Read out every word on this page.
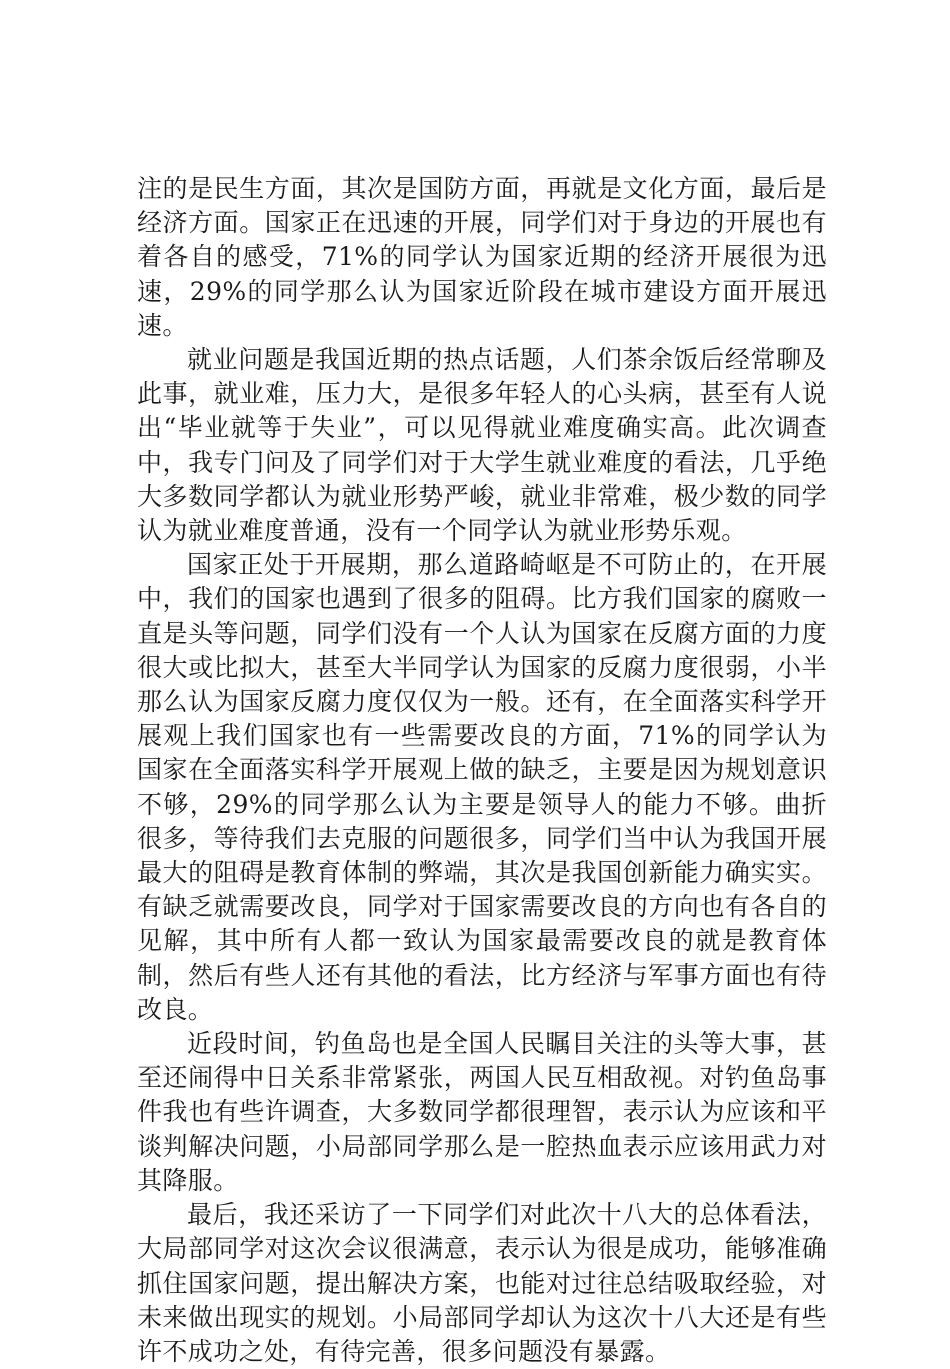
注的是民生方面，其次是国防方面，再就是文化方面，最后是经济方面。国家正在迅速的开展，同学们对于身边的开展也有着各自的感受，71%的同学认为国家近期的经济开展很为迅速，29%的同学那么认为国家近阶段在城市建设方面开展迅速。

就业问题是我国近期的热点话题，人们茶余饭后经常聊及此事，就业难，压力大，是很多年轻人的心头病，甚至有人说出“毕业就等于失业”，可以见得就业难度确实高。此次调查中，我专门问及了同学们对于大学生就业难度的看法，几乎绝大多数同学都认为就业形势严峻，就业非常难，极少数的同学认为就业难度普通，没有一个同学认为就业形势乐观。

国家正处于开展期，那么道路崎岖是不可防止的，在开展中，我们的国家也遇到了很多的阻碍。比方我们国家的腐败一直是头等问题，同学们没有一个人认为国家在反腐方面的力度很大或比拟大，甚至大半同学认为国家的反腐力度很弱，小半那么认为国家反腐力度仅仅为一般。还有，在全面落实科学开展观上我们国家也有一些需要改良的方面，71%的同学认为国家在全面落实科学开展观上做的缺乏，主要是因为规划意识不够，29%的同学那么认为主要是领导人的能力不够。曲折很多，等待我们去克服的问题很多，同学们当中认为我国开展最大的阻碍是教育体制的弊端，其次是我国创新能力确实实。有缺乏就需要改良，同学对于国家需要改良的方向也有各自的见解，其中所有人都一致认为国家最需要改良的就是教育体制，然后有些人还有其他的看法，比方经济与军事方面也有待改良。

近段时间，钓鱼岛也是全国人民瞩目关注的头等大事，甚至还闹得中日关系非常紧张，两国人民互相敌视。对钓鱼岛事件我也有些许调查，大多数同学都很理智，表示认为应该和平谈判解决问题，小局部同学那么是一腔热血表示应该用武力对其降服。

最后，我还采访了一下同学们对此次十八大的总体看法，大局部同学对这次会议很满意，表示认为很是成功，能够准确抓住国家问题，提出解决方案，也能对过往总结吸取经验，对未来做出现实的规划。小局部同学却认为这次十八大还是有些许不成功之处，有待完善，很多问题没有暴露。
